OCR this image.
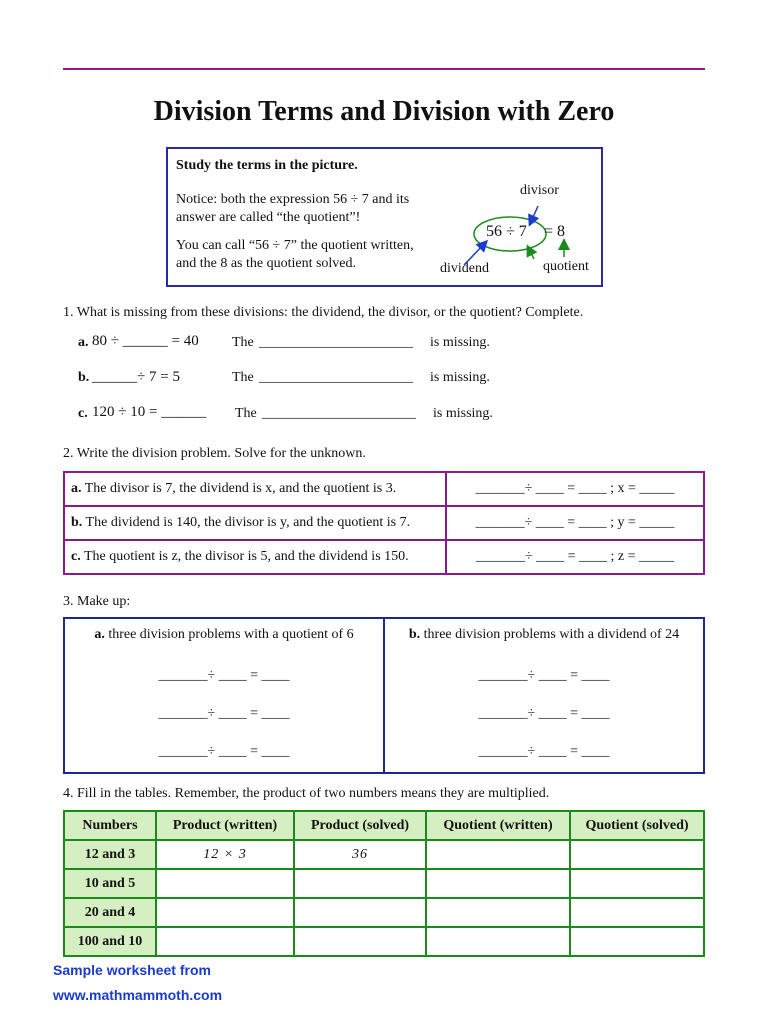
Division Terms and Division with Zero
Study the terms in the picture.
Notice: both the expression 56 ÷ 7 and its answer are called “the quotient”!
You can call “56 ÷ 7” the quotient written, and the 8 as the quotient solved.
divisor
56 ÷ 7 = 8
dividend	quotient
1. What is missing from these divisions: the dividend, the divisor, or the quotient? Complete.
a. 80 ÷ ______ = 40 The ______________________ is missing.
b. ______÷ 7 = 5	The ______________________ is missing.
c. 120 ÷ 10 = ______ The ______________________ is missing.
2. Write the division problem. Solve for the unknown.
a. The divisor is 7, the dividend is x, and the quotient is 3.	_______÷ ____ = ____ ; x = _____
b. The dividend is 140, the divisor is y, and the quotient is 7.	_______÷ ____ = ____ ; y = _____
c. The quotient is z, the divisor is 5, and the dividend is 150.	_______÷ ____ = ____ ; z = _____
3. Make up:
a. three division problems with a quotient of 6
_______÷ ____ = ____
_______÷ ____ = ____
_______÷ ____ = ____

b. three division problems with a dividend of 24
_______÷ ____ = ____
_______÷ ____ = ____
_______÷ ____ = ____
4. Fill in the tables. Remember, the product of two numbers means they are multiplied.
Numbers	Product (written)	Product (solved)	Quotient (written)	Quotient (solved)
12 and 3	12 × 3	36		
10 and 5				
20 and 4				
100 and 10				
Sample worksheet from
www.mathmammoth.com
